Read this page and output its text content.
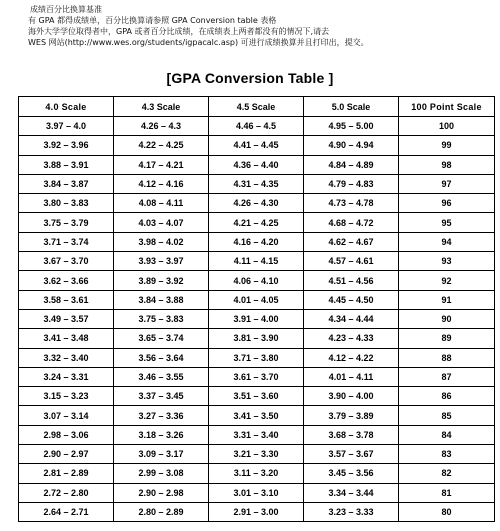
成绩百分比换算基准
有 GPA 都得成绩单，百分比换算请参照 GPA Conversion table 表格
海外大学学位取得者中，GPA 或者百分比成绩，在成绩表上两者都没有的情况下,请去
WES 网站(http://www.wes.org/students/igpacalc.asp) 可进行成绩换算并且打印出，提交。
[GPA Conversion Table ]
4.0 Scale	4.3 Scale	4.5 Scale	5.0 Scale	100 Point Scale
3.97 – 4.0	4.26 – 4.3	4.46 – 4.5	4.95 – 5.00	100
3.92 – 3.96	4.22 – 4.25	4.41 – 4.45	4.90 – 4.94	99
3.88 – 3.91	4.17 – 4.21	4.36 – 4.40	4.84 – 4.89	98
3.84 – 3.87	4.12 – 4.16	4.31 – 4.35	4.79 – 4.83	97
3.80 – 3.83	4.08 – 4.11	4.26 – 4.30	4.73 – 4.78	96
3.75 – 3.79	4.03 – 4.07	4.21 – 4.25	4.68 – 4.72	95
3.71 – 3.74	3.98 – 4.02	4.16 – 4.20	4.62 – 4.67	94
3.67 – 3.70	3.93 – 3.97	4.11 – 4.15	4.57 – 4.61	93
3.62 – 3.66	3.89 – 3.92	4.06 – 4.10	4.51 – 4.56	92
3.58 – 3.61	3.84 – 3.88	4.01 – 4.05	4.45 – 4.50	91
3.49 – 3.57	3.75 – 3.83	3.91 – 4.00	4.34 – 4.44	90
3.41 – 3.48	3.65 – 3.74	3.81 – 3.90	4.23 – 4.33	89
3.32 – 3.40	3.56 – 3.64	3.71 – 3.80	4.12 – 4.22	88
3.24 – 3.31	3.46 – 3.55	3.61 – 3.70	4.01 – 4.11	87
3.15 – 3.23	3.37 – 3.45	3.51 – 3.60	3.90 – 4.00	86
3.07 – 3.14	3.27 – 3.36	3.41 – 3.50	3.79 – 3.89	85
2.98 – 3.06	3.18 – 3.26	3.31 – 3.40	3.68 – 3.78	84
2.90 – 2.97	3.09 – 3.17	3.21 – 3.30	3.57 – 3.67	83
2.81 – 2.89	2.99 – 3.08	3.11 – 3.20	3.45 – 3.56	82
2.72 – 2.80	2.90 – 2.98	3.01 – 3.10	3.34 – 3.44	81
2.64 – 2.71	2.80 – 2.89	2.91 – 3.00	3.23 – 3.33	80
